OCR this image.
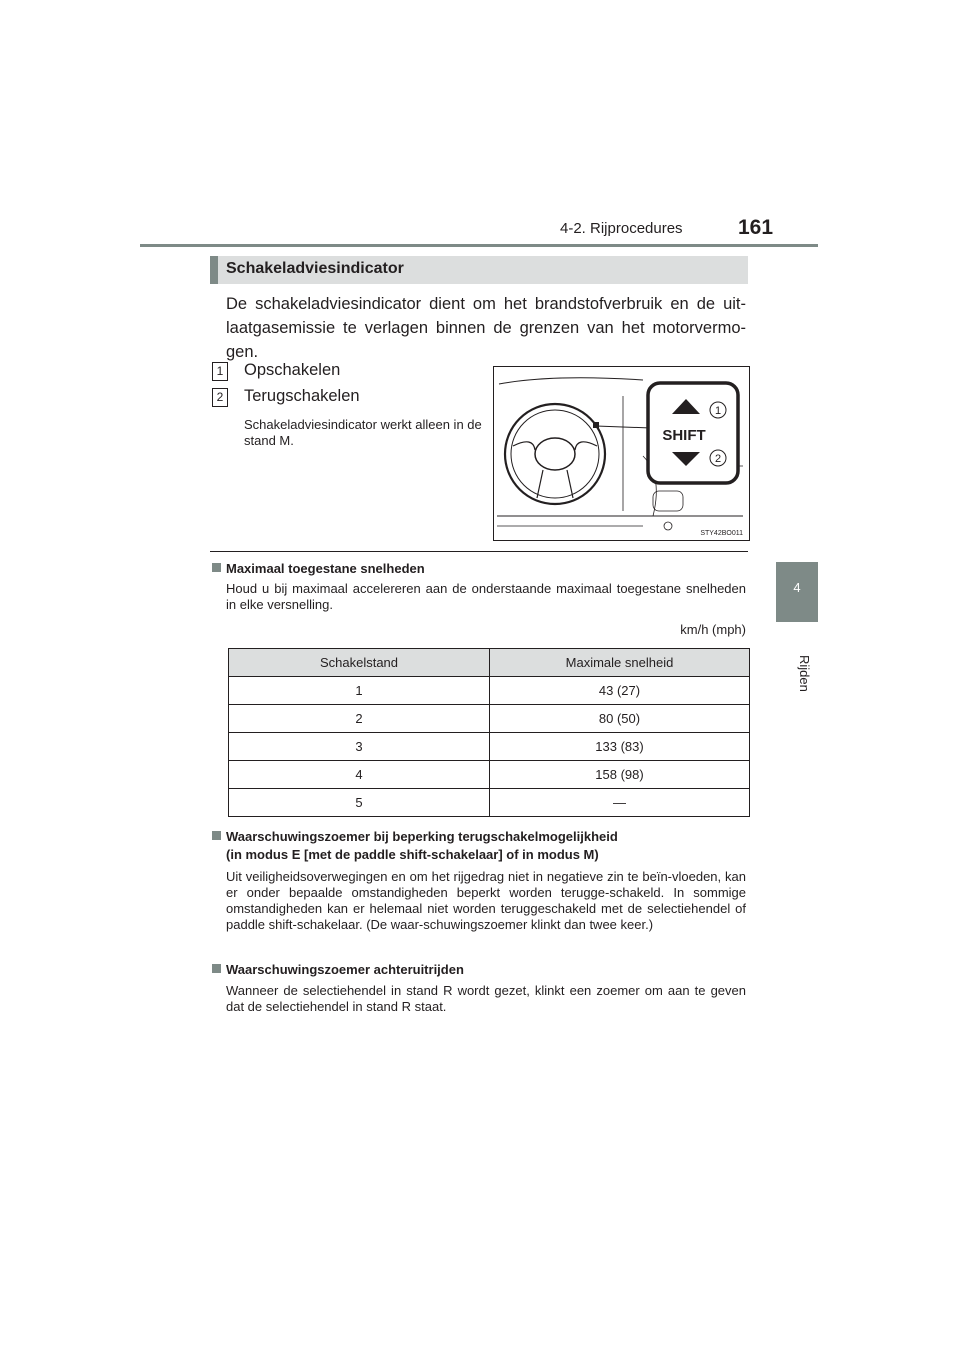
4-2. Rijprocedures	161
4
Rijden
Schakeladviesindicator
De schakeladviesindicator dient om het brandstofverbruik en de uit-laatgasemissie te verlagen binnen de grenzen van het motorvermo-gen.
1 Opschakelen
2 Terugschakelen
Schakeladviesindicator werkt alleen in de stand M.	SHIFT
1
2
STY42BO011
Maximaal toegestane snelheden
Houd u bij maximaal accelereren aan de onderstaande maximaal toegestane snelheden in elke versnelling.
km/h (mph)
Schakelstand	Maximale snelheid
1	43 (27)
2	80 (50)
3	133 (83)
4	158 (98)
5	—
Waarschuwingszoemer bij beperking terugschakelmogelijkheid
(in modus E [met de paddle shift-schakelaar] of in modus M)
Uit veiligheidsoverwegingen en om het rijgedrag niet in negatieve zin te beïn-vloeden, kan er onder bepaalde omstandigheden beperkt worden terugge-schakeld. In sommige omstandigheden kan er helemaal niet worden teruggeschakeld met de selectiehendel of paddle shift-schakelaar. (De waar-schuwingszoemer klinkt dan twee keer.)
Waarschuwingszoemer achteruitrijden
Wanneer de selectiehendel in stand R wordt gezet, klinkt een zoemer om aan te geven dat de selectiehendel in stand R staat.
